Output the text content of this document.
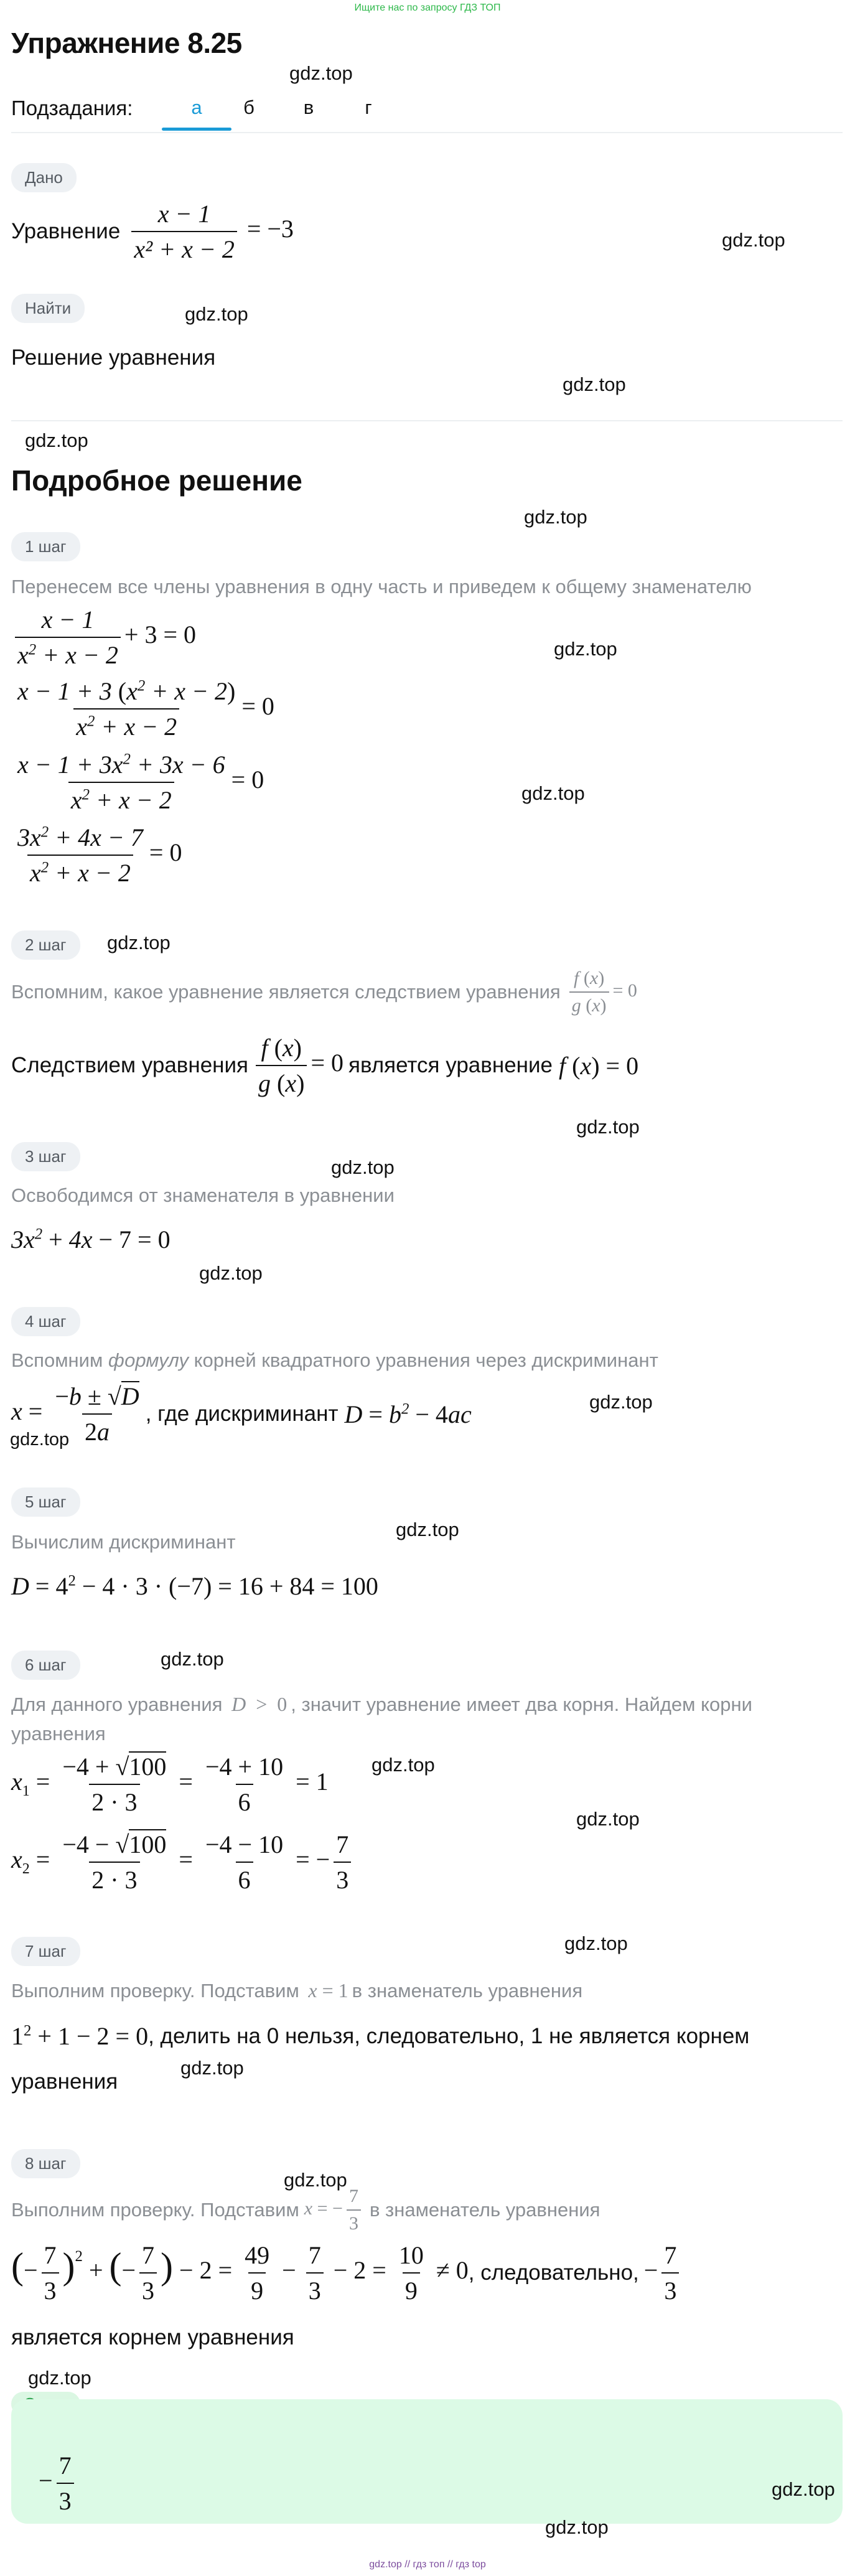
Ищите нас по запросу ГДЗ ТОП
Упражнение 8.25
gdz.top
Подзадания:	а	б	в	г
Дано
Уравнение $\frac{x - 1}{\text{x² + x − 2}} = -3$	gdz.top
Найти	gdz.top
Решение уравнения
gdz.top
gdz.top
Подробное решение
gdz.top
1 шаг
Перенесем все члены уравнения в одну часть и приведем к общему знаменателю
$\frac{x - 1}{x^2 + x - 2} + 3 = 0$
gdz.top
$\frac{x - 1 + 3 (x^2 + x - 2)}{x^2 + x - 2} = 0$
$\frac{x - 1 + 3x^2 + 3x - 6}{x^2 + x - 2} = 0$	gdz.top
$\frac{3x^2 + 4x - 7}{x^2 + x - 2} = 0$
2 шаг	gdz.top
Вспомним, какое уравнение является следствием уравнения $\frac{f (x)}{g (x)} = 0$
Следствием уравнения $\frac{f (x)}{g (x)} = 0$ является уравнение f (x) = 0
gdz.top
3 шаг	gdz.top
Освободимся от знаменателя в уравнении
$3x^2 + 4x - 7 = 0$
gdz.top
4 шаг
Вспомним формулу корней квадратного уравнения через дискриминант
$x = \frac{-b \pm √D}{2a}$ , где дискриминант $D = b^2 - 4ac$	gdz.top
gdz.top
5 шаг
Вычислим дискриминант
gdz.top
$D = 4^2 - 4 \cdot 3 \cdot (-7) = 16 + 84 = 100$
6 шаг	gdz.top
Для данного уравнения D  >  0 , значит уравнение имеет два корня. Найдем корни
уравнения
$x_1 = \frac{-4 + √100}{2 \cdot 3} = \frac{-4 + 10}{6} = 1$
gdz.top
gdz.top
$x_2 = \frac{-4 - √100}{2 \cdot 3} = \frac{-4 - 10}{6}$ = − $\frac{7}{3}$
7 шаг	gdz.top
Выполним проверку. Подставим x = 1 в знаменатель уравнения
$1^2 + 1 - 2 = 0$ , делить на 0 нельзя, следовательно, 1 не является корнем
уравнения
gdz.top
8 шаг
gdz.top
Выполним проверку. Подставим x = − $\frac{7}{3}$ в знаменатель уравнения
(− $\frac{7}{3} )^2$ + (− $\frac{7}{3}$ ) − $2 = \frac{49}{9} - \frac{7}{3} - 2 = \frac{10}{9} \ne 0$ , следовательно, − $\frac{7}{3}$
является корнем уравнения
gdz.top
− $\frac{7}{3}$	gdz.top
gdz.top
gdz.top // гдз топ // гдз top
